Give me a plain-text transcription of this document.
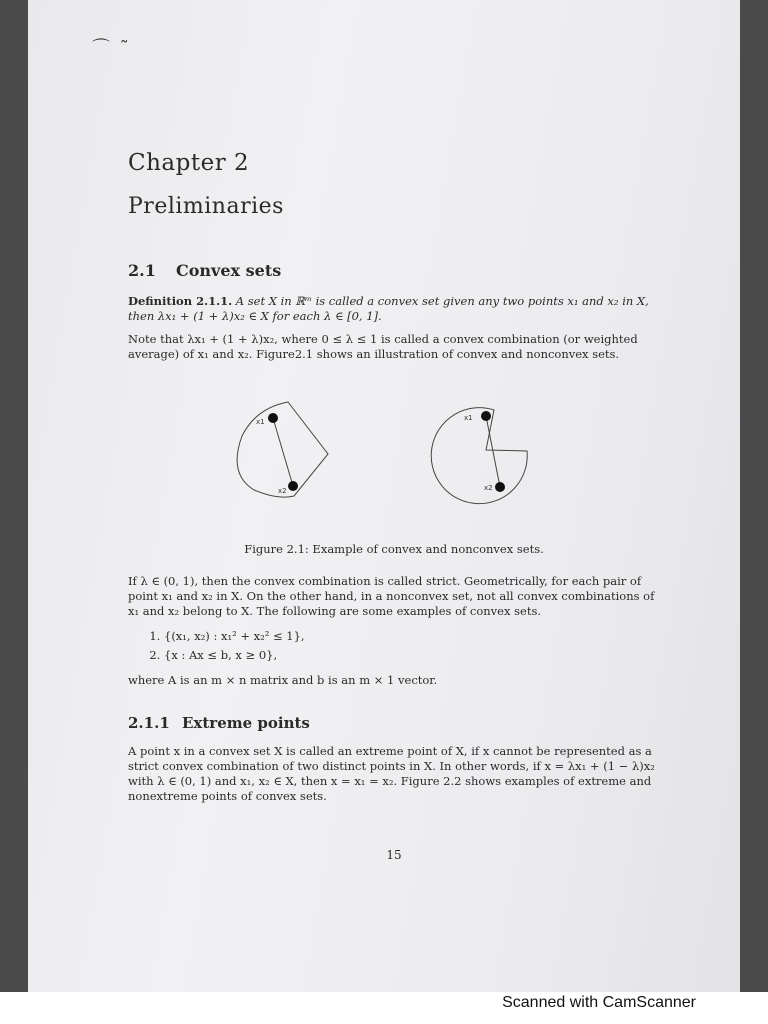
⌒ ˜
Chapter 2
Preliminaries
2.1 Convex sets

Definition 2.1.1. A set X in ℝᵐ is called a convex set given any two points x₁ and x₂ in X, then λx₁ + (1 + λ)x₂ ∈ X for each λ ∈ [0, 1].

Note that λx₁ + (1 + λ)x₂, where 0 ≤ λ ≤ 1 is called a convex combination (or weighted average) of x₁ and x₂. Figure2.1 shows an illustration of convex and nonconvex sets.

x1
x2
x1
x2
Figure 2.1: Example of convex and nonconvex sets.

If λ ∈ (0, 1), then the convex combination is called strict. Geometrically, for each pair of point x₁ and x₂ in X. On the other hand, in a nonconvex set, not all convex combinations of x₁ and x₂ belong to X. The following are some examples of convex sets.

1. {(x₁, x₂) : x₁² + x₂² ≤ 1},
2. {x : Ax ≤ b, x ≥ 0},

where A is an m × n matrix and b is an m × 1 vector.

2.1.1 Extreme points

A point x in a convex set X is called an extreme point of X, if x cannot be represented as a strict convex combination of two distinct points in X. In other words, if x = λx₁ + (1 − λ)x₂ with λ ∈ (0, 1) and x₁, x₂ ∈ X, then x = x₁ = x₂. Figure 2.2 shows examples of extreme and nonextreme points of convex sets.

15
Scanned with CamScanner
